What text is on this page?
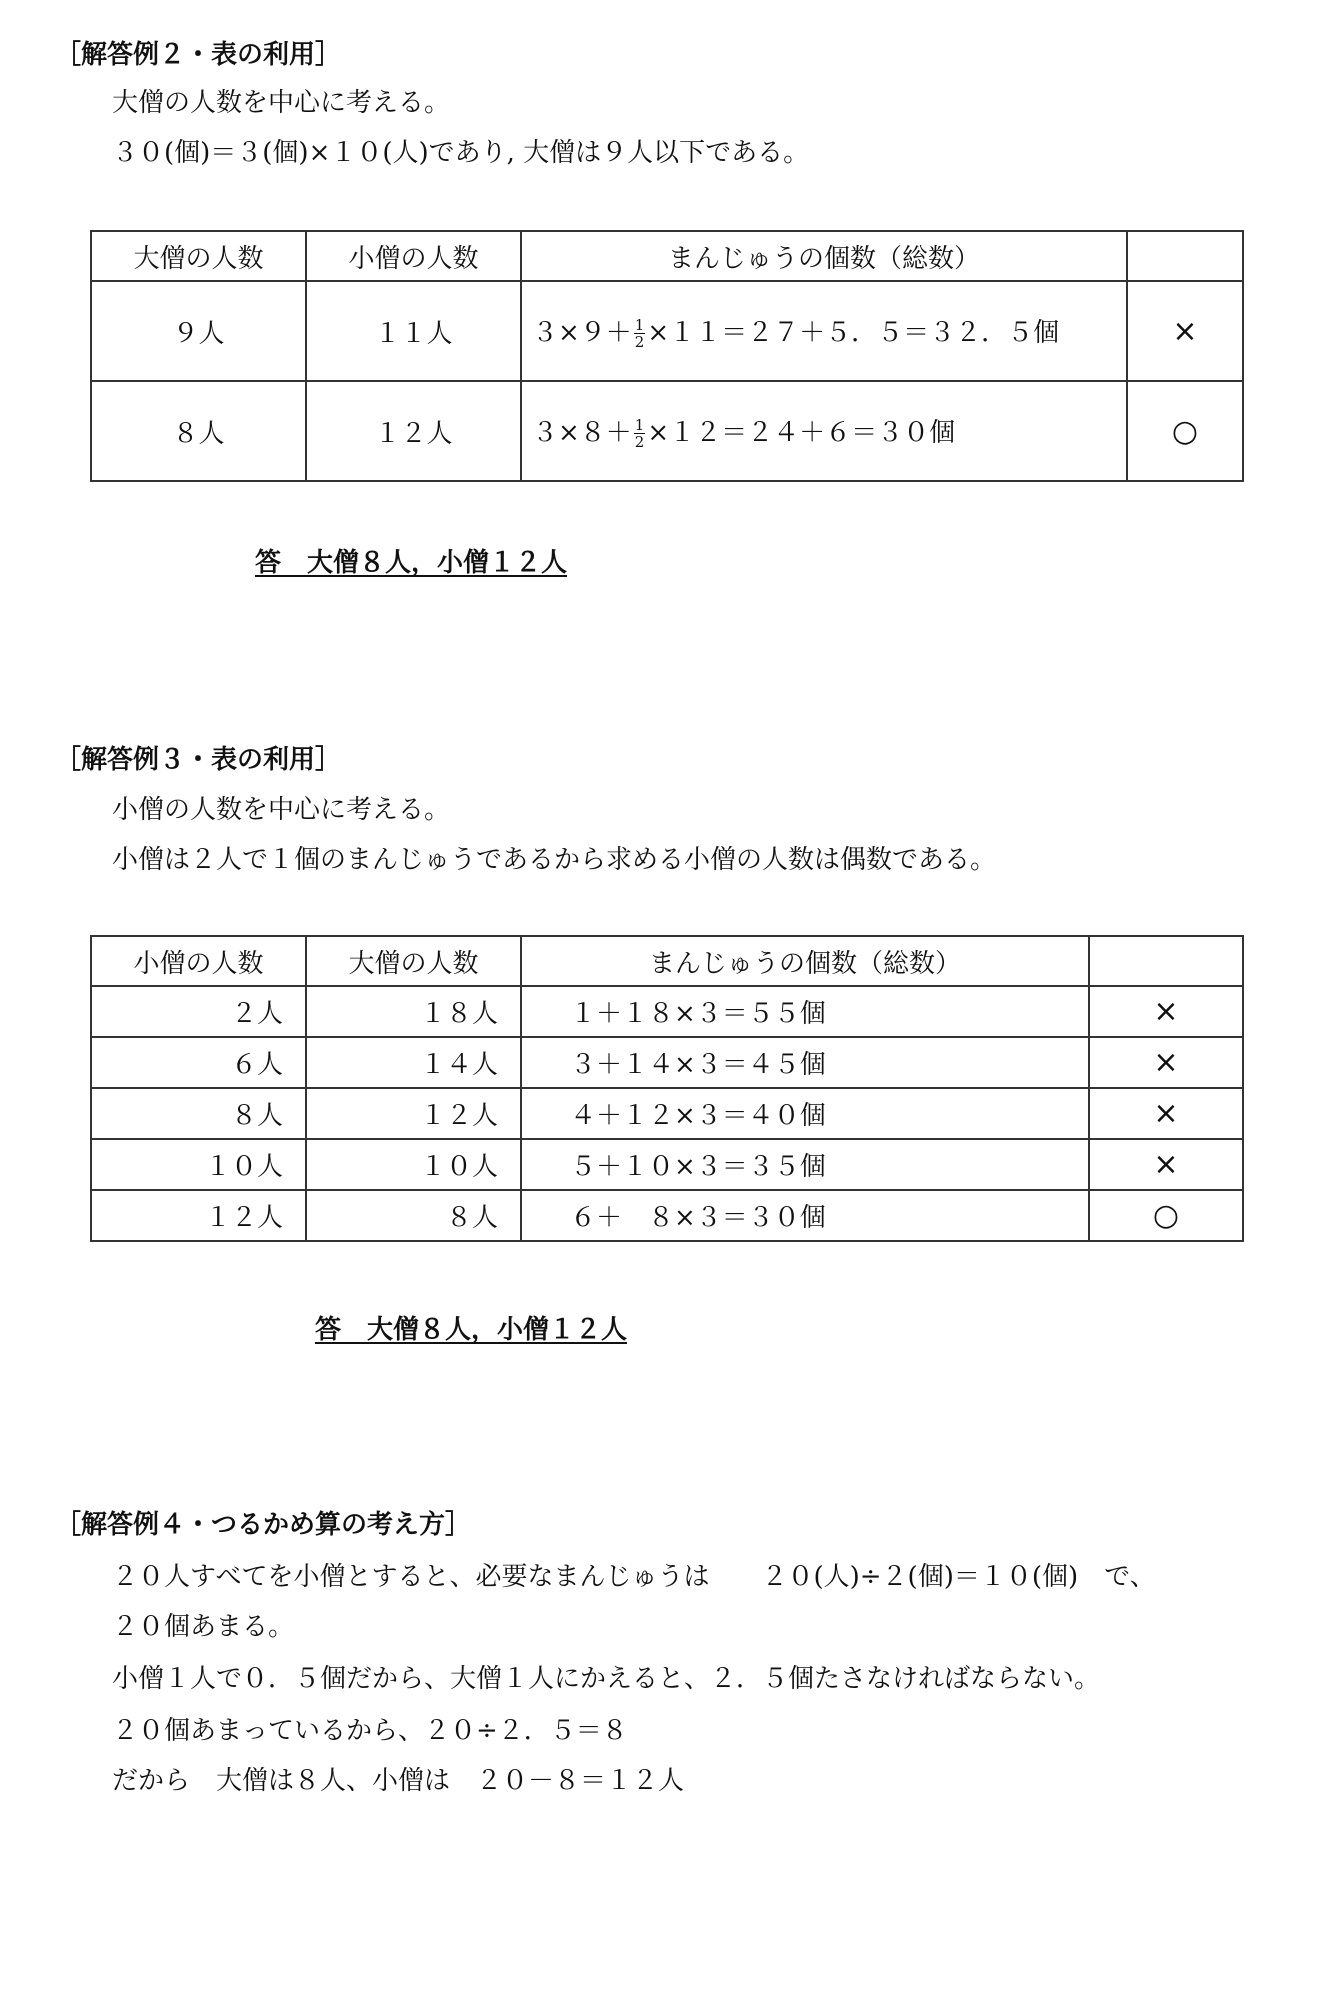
［解答例２・表の利用］
大僧の人数を中心に考える。
３０(個)＝３(個)×１０(人)であり, 大僧は９人以下である。
大僧の人数	小僧の人数	まんじゅうの個数（総数）	
９人	１１人	$3\times 9+ \frac{1}{2} \times 11=27+5$．５＝３２．５個	×
８人	１２人	$3\times 8+ \frac{1}{2} \times 12=24+6=30$個	○
答　大僧８人，小僧１２人
［解答例３・表の利用］
小僧の人数を中心に考える。
小僧は２人で１個のまんじゅうであるから求める小僧の人数は偶数である。
小僧の人数	大僧の人数	まんじゅうの個数（総数）	
２人	１８人	１＋１８×３＝５５個	×
６人	１４人	３＋１４×３＝４５個	×
８人	１２人	４＋１２×３＝４０個	×
１０人	１０人	５＋１０×３＝３５個	×
１２人	８人	６＋　８×３＝３０個	○
答　大僧８人，小僧１２人
［解答例４・つるかめ算の考え方］
２０人すべてを小僧とすると、必要なまんじゅうは　　２０(人)÷２(個)＝１０(個)　で、
２０個あまる。
小僧１人で０．５個だから、大僧１人にかえると、２．５個たさなければならない。
２０個あまっているから、２０÷２．５＝８
だから　大僧は８人、小僧は　２０－８＝１２人
